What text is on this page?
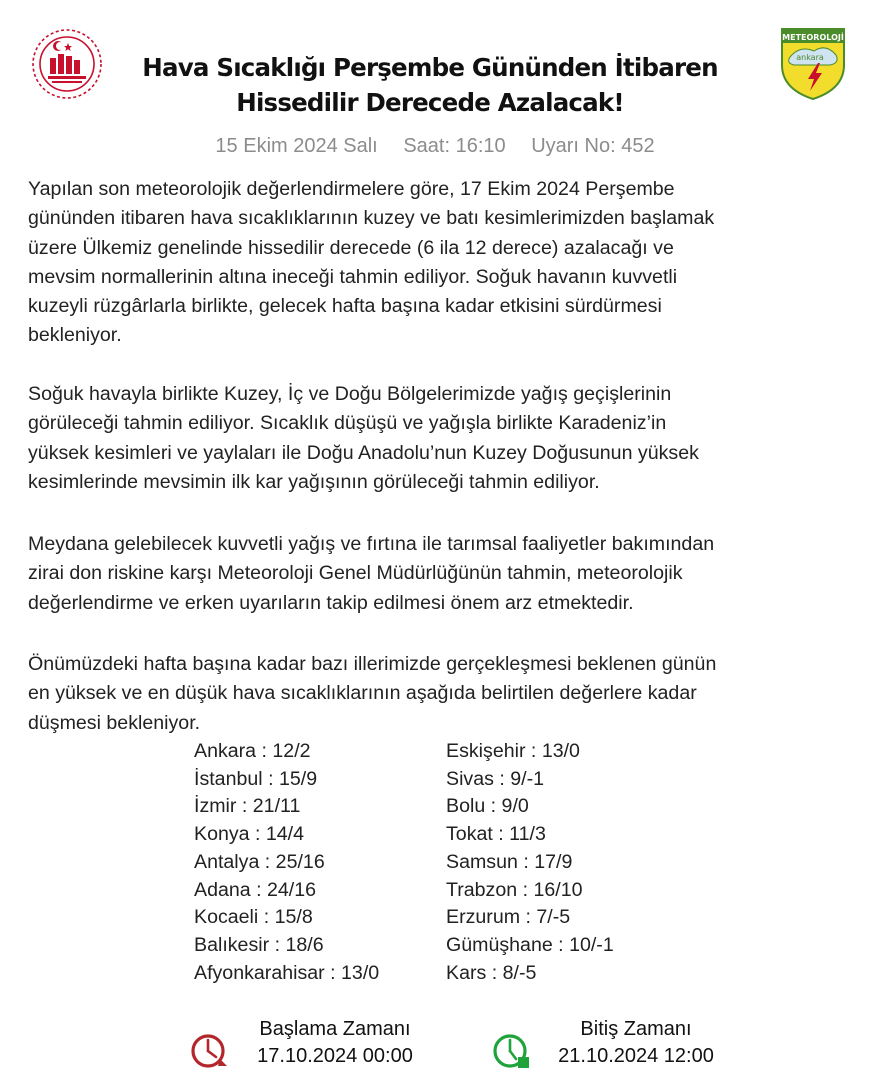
METEOROLOJİ
ankara
Hava Sıcaklığı Perşembe Gününden İtibaren
Hissedilir Derecede Azalacak!
15 Ekim 2024 Salı Saat: 16:10 Uyarı No: 452
Yapılan son meteorolojik değerlendirmelere göre, 17 Ekim 2024 Perşembe
gününden itibaren hava sıcaklıklarının kuzey ve batı kesimlerimizden başlamak
üzere Ülkemiz genelinde hissedilir derecede (6 ila 12 derece) azalacağı ve
mevsim normallerinin altına ineceği tahmin ediliyor. Soğuk havanın kuvvetli
kuzeyli rüzgârlarla birlikte, gelecek hafta başına kadar etkisini sürdürmesi
bekleniyor.
Soğuk havayla birlikte Kuzey, İç ve Doğu Bölgelerimizde yağış geçişlerinin
görüleceği tahmin ediliyor. Sıcaklık düşüşü ve yağışla birlikte Karadeniz’in
yüksek kesimleri ve yaylaları ile Doğu Anadolu’nun Kuzey Doğusunun yüksek
kesimlerinde mevsimin ilk kar yağışının görüleceği tahmin ediliyor.
Meydana gelebilecek kuvvetli yağış ve fırtına ile tarımsal faaliyetler bakımından
zirai don riskine karşı Meteoroloji Genel Müdürlüğünün tahmin, meteorolojik
değerlendirme ve erken uyarıların takip edilmesi önem arz etmektedir.
Önümüzdeki hafta başına kadar bazı illerimizde gerçekleşmesi beklenen günün
en yüksek ve en düşük hava sıcaklıklarının aşağıda belirtilen değerlere kadar
düşmesi bekleniyor.
Ankara : 12/2
İstanbul : 15/9
İzmir : 21/11
Konya : 14/4
Antalya : 25/16
Adana : 24/16
Kocaeli : 15/8
Balıkesir : 18/6
Afyonkarahisar : 13/0
Eskişehir : 13/0
Sivas : 9/-1
Bolu : 9/0
Tokat : 11/3
Samsun : 17/9
Trabzon : 16/10
Erzurum : 7/-5
Gümüşhane : 10/-1
Kars : 8/-5
Başlama Zamanı
17.10.2024 00:00
Bitiş Zamanı
21.10.2024 12:00
